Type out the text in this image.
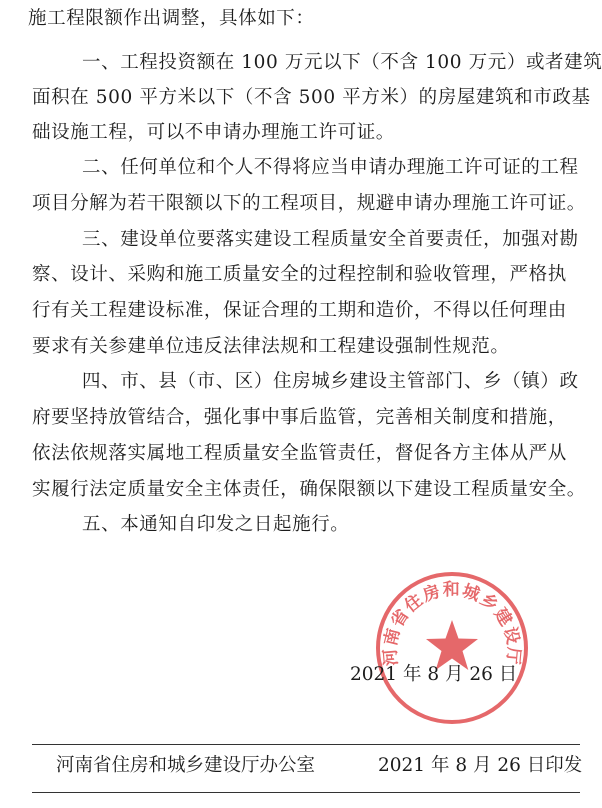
施工程限额作出调整，具体如下：
一、工程投资额在 100 万元以下（不含 100 万元）或者建筑
面积在 500 平方米以下（不含 500 平方米）的房屋建筑和市政基
础设施工程，可以不申请办理施工许可证。
二、任何单位和个人不得将应当申请办理施工许可证的工程
项目分解为若干限额以下的工程项目，规避申请办理施工许可证。
三、建设单位要落实建设工程质量安全首要责任，加强对勘
察、设计、采购和施工质量安全的过程控制和验收管理，严格执
行有关工程建设标准，保证合理的工期和造价，不得以任何理由
要求有关参建单位违反法律法规和工程建设强制性规范。
四、市、县（市、区）住房城乡建设主管部门、乡（镇）政
府要坚持放管结合，强化事中事后监管，完善相关制度和措施，
依法依规落实属地工程质量安全监管责任，督促各方主体从严从
实履行法定质量安全主体责任，确保限额以下建设工程质量安全。
五、本通知自印发之日起施行。
河南省住房和城乡建设厅
2021 年 8 月 26 日
河南省住房和城乡建设厅办公室	2021 年 8 月 26 日印发
